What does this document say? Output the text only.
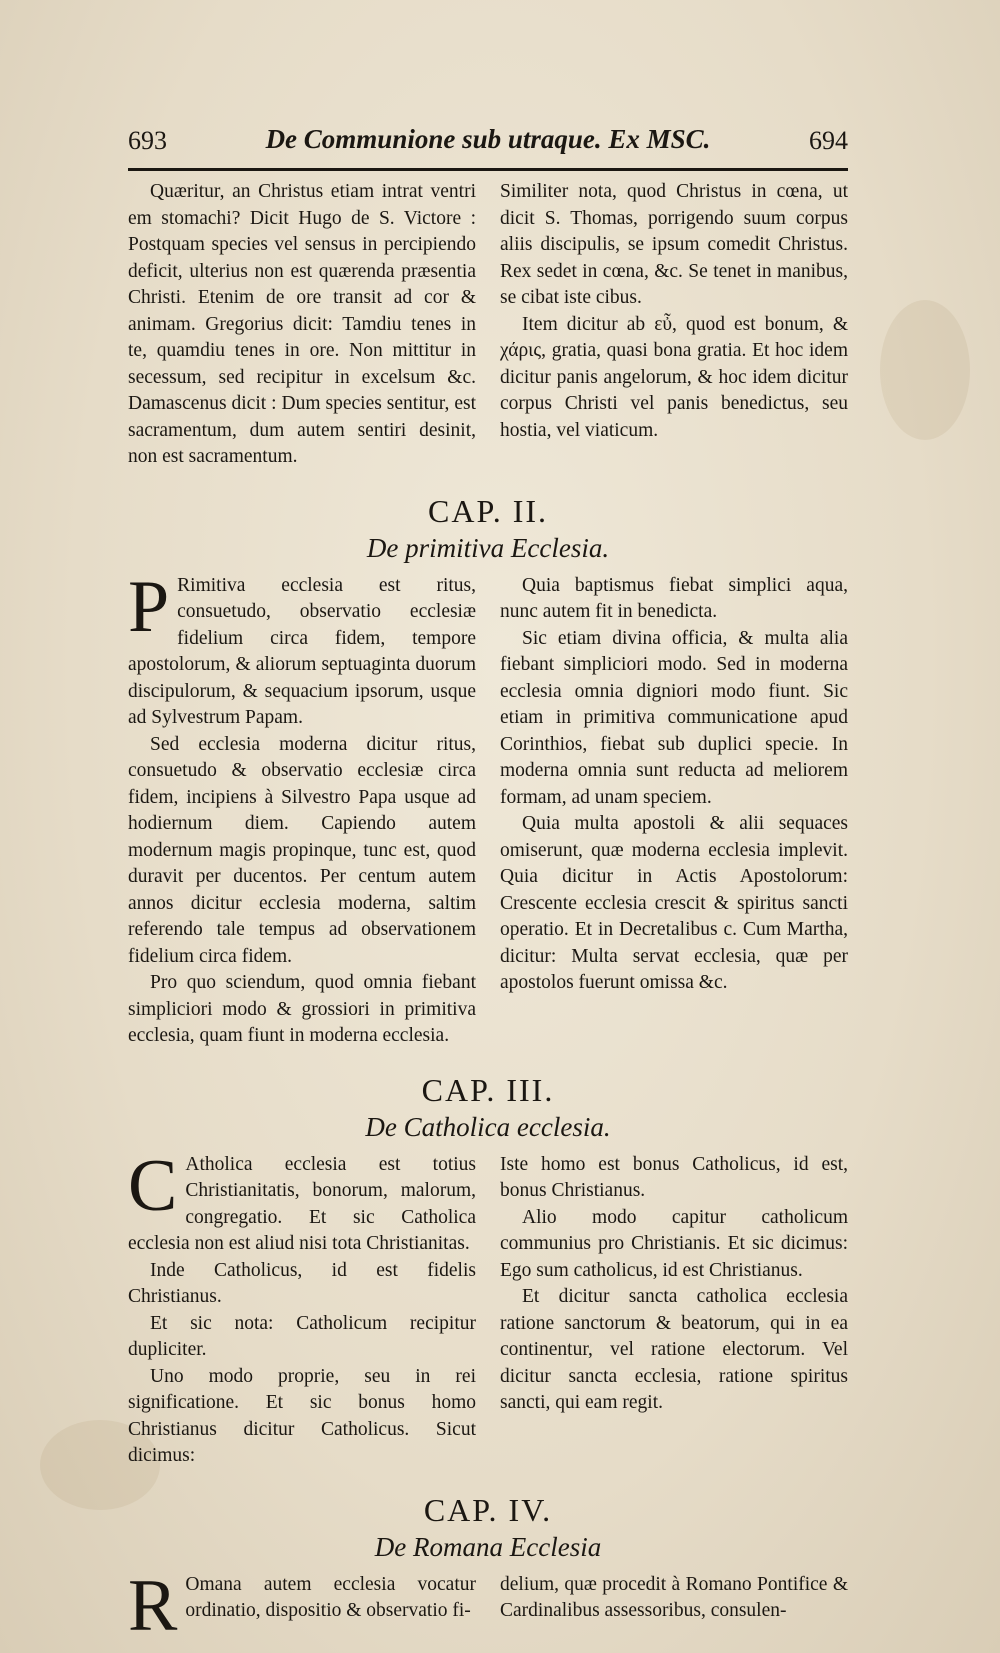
693	De Communione sub utraque. Ex MSC.	694

Quæritur, an Christus etiam intrat ventri em stomachi? Dicit Hugo de S. Victore : Postquam species vel sensus in percipiendo deficit, ulterius non est quærenda præsentia Christi. Etenim de ore transit ad cor & animam. Gregorius dicit: Tamdiu tenes in te, quamdiu tenes in ore. Non mittitur in secessum, sed recipitur in excelsum &c. Damascenus dicit : Dum species sentitur, est sacramentum, dum autem sentiri desinit, non est sacramentum.

Similiter nota, quod Christus in cœna, ut dicit S. Thomas, porrigendo suum corpus aliis discipulis, se ipsum comedit Christus. Rex sedet in cœna, &c. Se tenet in manibus, se cibat iste cibus.

Item dicitur ab εὖ, quod est bonum, & χάρις, gratia, quasi bona gratia. Et hoc idem dicitur panis angelorum, & hoc idem dicitur corpus Christi vel panis benedictus, seu hostia, vel viaticum.

CAP. II.
De primitiva Ecclesia.
P Rimitiva ecclesia est ritus, consuetudo, observatio ecclesiæ fidelium circa fidem, tempore apostolorum, & aliorum septuaginta duorum discipulorum, & sequacium ipsorum, usque ad Sylvestrum Papam.

Sed ecclesia moderna dicitur ritus, consuetudo & observatio ecclesiæ circa fidem, incipiens à Silvestro Papa usque ad hodiernum diem. Capiendo autem modernum magis propinque, tunc est, quod duravit per ducentos. Per centum autem annos dicitur ecclesia moderna, saltim referendo tale tempus ad observationem fidelium circa fidem.

Pro quo sciendum, quod omnia fiebant simpliciori modo & grossiori in primitiva ecclesia, quam fiunt in moderna ecclesia.

Quia baptismus fiebat simplici aqua, nunc autem fit in benedicta.

Sic etiam divina officia, & multa alia fiebant simpliciori modo. Sed in moderna ecclesia omnia digniori modo fiunt. Sic etiam in primitiva communicatione apud Corinthios, fiebat sub duplici specie. In moderna omnia sunt reducta ad meliorem formam, ad unam speciem.

Quia multa apostoli & alii sequaces omiserunt, quæ moderna ecclesia implevit. Quia dicitur in Actis Apostolorum: Crescente ecclesia crescit & spiritus sancti operatio. Et in Decretalibus c. Cum Martha, dicitur: Multa servat ecclesia, quæ per apostolos fuerunt omissa &c.

CAP. III.
De Catholica ecclesia.
C Atholica ecclesia est totius Christianitatis, bonorum, malorum, congregatio. Et sic Catholica ecclesia non est aliud nisi tota Christianitas.

Inde Catholicus, id est fidelis Christianus.

Et sic nota: Catholicum recipitur dupliciter.

Uno modo proprie, seu in rei significatione. Et sic bonus homo Christianus dicitur Catholicus. Sicut dicimus:

Iste homo est bonus Catholicus, id est, bonus Christianus.

Alio modo capitur catholicum communius pro Christianis. Et sic dicimus: Ego sum catholicus, id est Christianus.

Et dicitur sancta catholica ecclesia ratione sanctorum & beatorum, qui in ea continentur, vel ratione electorum. Vel dicitur sancta ecclesia, ratione spiritus sancti, qui eam regit.

CAP. IV.
De Romana Ecclesia
R Omana autem ecclesia vocatur ordinatio, dispositio & observatio fi-

delium, quæ procedit à Romano Pontifice & Cardinalibus assessoribus, consulen-
